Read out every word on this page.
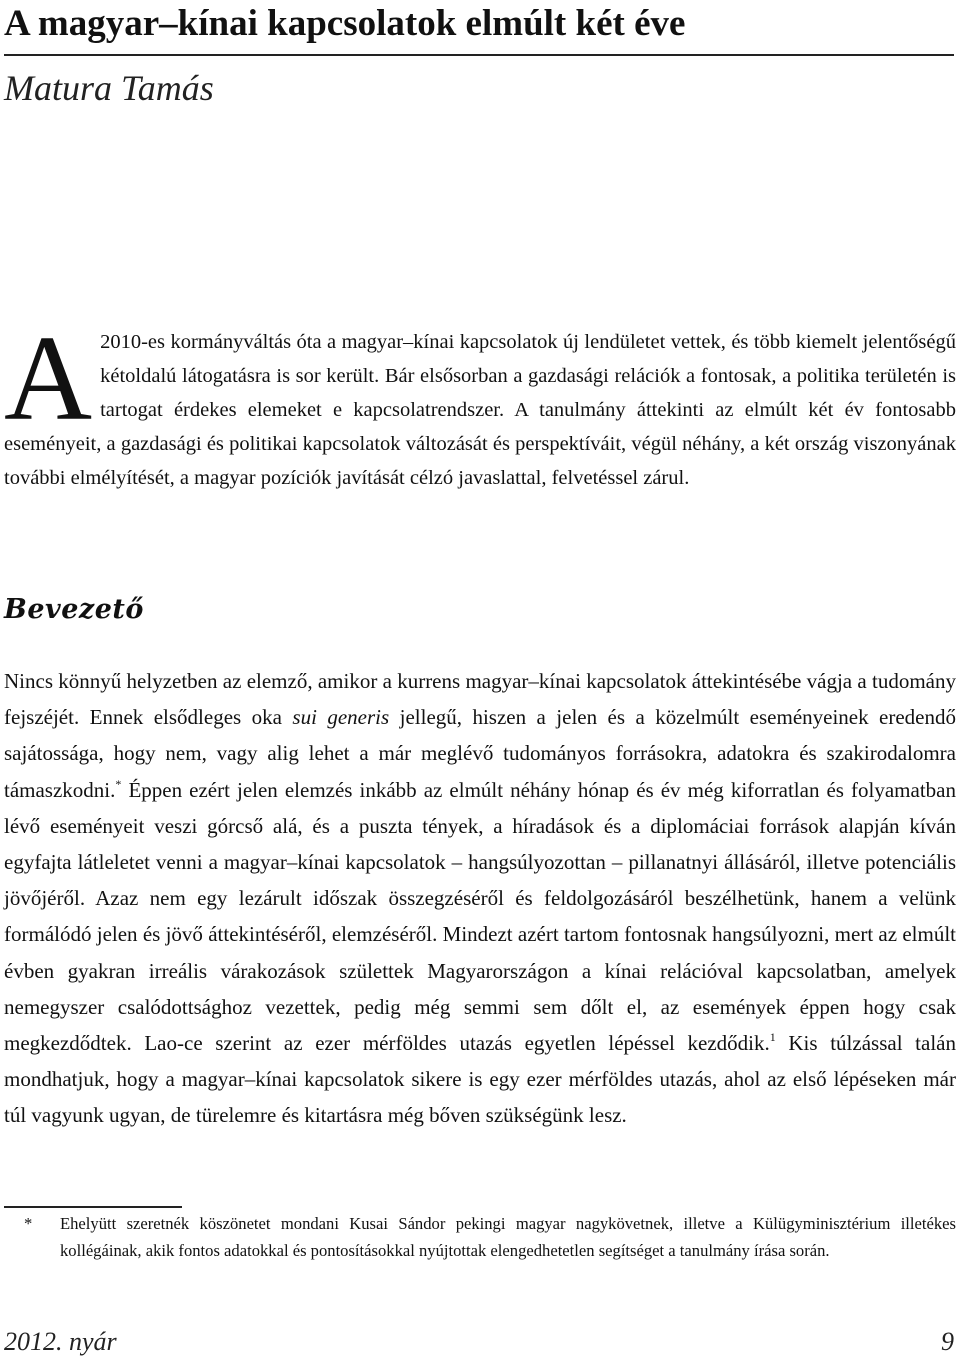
A magyar–kínai kapcsolatok elmúlt két éve
Matura Tamás

A 2010-es kormányváltás óta a magyar–kínai kapcsolatok új lendületet vettek, és több kiemelt jelentőségű kétoldalú látogatásra is sor került. Bár elsősorban a gazdasági relációk a fontosak, a politika területén is tartogat érdekes elemeket e kapcsolatrendszer. A tanulmány áttekinti az elmúlt két év fontosabb eseményeit, a gazdasági és politikai kapcsolatok változását és perspektíváit, végül néhány, a két ország viszonyának további elmélyítését, a magyar pozíciók javítását célzó javaslattal, felvetéssel zárul.

Bevezető

Nincs könnyű helyzetben az elemző, amikor a kurrens magyar–kínai kapcsolatok áttekintésébe vágja a tudomány fejszéjét. Ennek elsődleges oka sui generis jellegű, hiszen a jelen és a közelmúlt eseményeinek eredendő sajátossága, hogy nem, vagy alig lehet a már meglévő tudományos forrásokra, adatokra és szakirodalomra támaszkodni.* Éppen ezért jelen elemzés inkább az elmúlt néhány hónap és év még kiforratlan és folyamatban lévő eseményeit veszi górcső alá, és a puszta tények, a híradások és a diplomáciai források alapján kíván egyfajta látleletet venni a magyar–kínai kapcsolatok – hangsúlyozottan – pillanatnyi állásáról, illetve potenciális jövőjéről. Azaz nem egy lezárult időszak összegzéséről és feldolgozásáról beszélhetünk, hanem a velünk formálódó jelen és jövő áttekintéséről, elemzéséről. Mindezt azért tartom fontosnak hangsúlyozni, mert az elmúlt évben gyakran irreális várakozások születtek Magyarországon a kínai relációval kapcsolatban, amelyek nemegyszer csalódottsághoz vezettek, pedig még semmi sem dőlt el, az események éppen hogy csak megkezdődtek. Lao-ce szerint az ezer mérföldes utazás egyetlen lépéssel kezdődik.$^1$ Kis túlzással talán mondhatjuk, hogy a magyar–kínai kapcsolatok sikere is egy ezer mérföldes utazás, ahol az első lépéseken már túl vagyunk ugyan, de türelemre és kitartásra még bőven szükségünk lesz.

* Ehelyütt szeretnék köszönetet mondani Kusai Sándor pekingi magyar nagykövetnek, illetve a Külügyminisztérium illetékes kollégáinak, akik fontos adatokkal és pontosításokkal nyújtottak elengedhetetlen segítséget a tanulmány írása során.
2012. nyár	9
